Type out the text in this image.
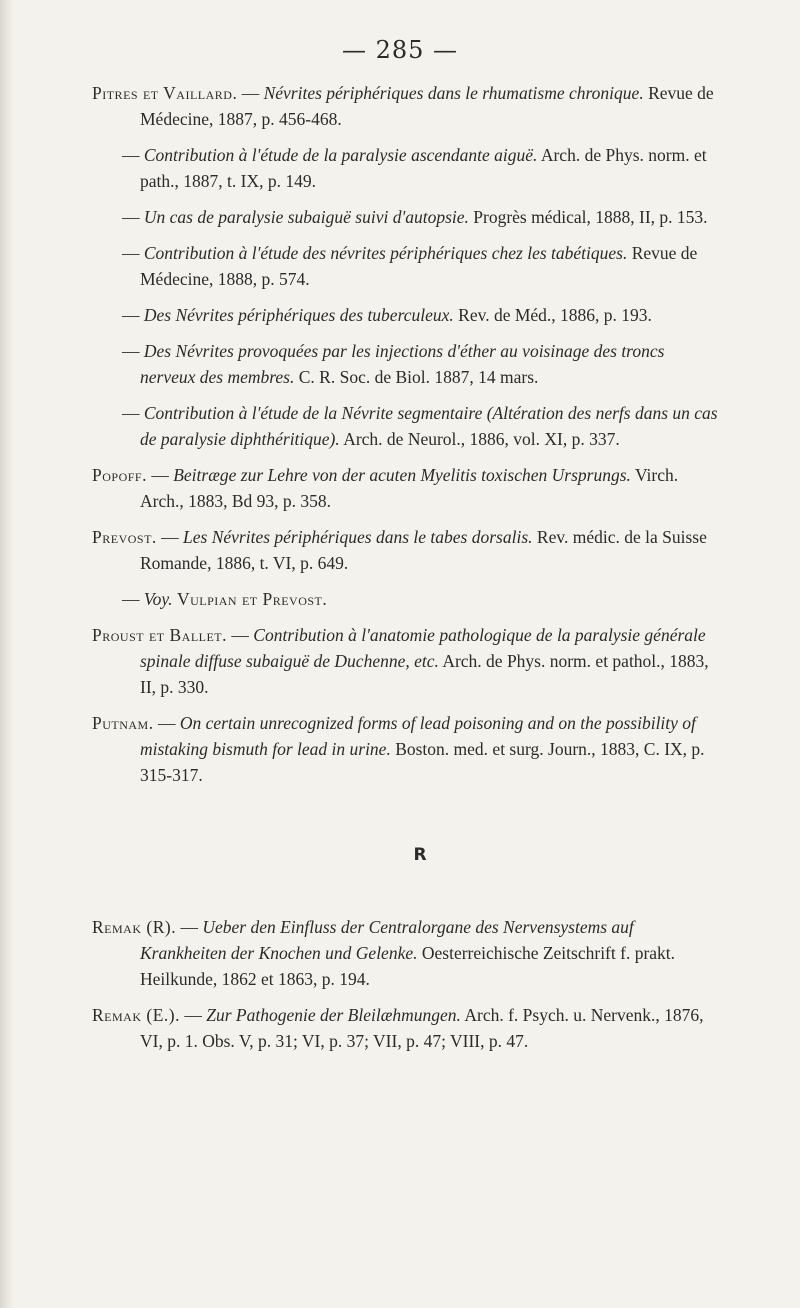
— 285 —
Pitres et Vaillard. — Névrites périphériques dans le rhumatisme chronique. Revue de Médecine, 1887, p. 456-468.
— Contribution à l'étude de la paralysie ascendante aiguë. Arch. de Phys. norm. et path., 1887, t. IX, p. 149.
— Un cas de paralysie subaiguë suivi d'autopsie. Progrès médical, 1888, II, p. 153.
— Contribution à l'étude des névrites périphériques chez les tabétiques. Revue de Médecine, 1888, p. 574.
— Des Névrites périphériques des tuberculeux. Rev. de Méd., 1886, p. 193.
— Des Névrites provoquées par les injections d'éther au voisinage des troncs nerveux des membres. C. R. Soc. de Biol. 1887, 14 mars.
— Contribution à l'étude de la Névrite segmentaire (Altération des nerfs dans un cas de paralysie diphthéritique). Arch. de Neurol., 1886, vol. XI, p. 337.
Popoff. — Beitræge zur Lehre von der acuten Myelitis toxischen Ursprungs. Virch. Arch., 1883, Bd 93, p. 358.
Prevost. — Les Névrites périphériques dans le tabes dorsalis. Rev. médic. de la Suisse Romande, 1886, t. VI, p. 649.
— Voy. Vulpian et Prevost.
Proust et Ballet. — Contribution à l'anatomie pathologique de la paralysie générale spinale diffuse subaiguë de Duchenne, etc. Arch. de Phys. norm. et pathol., 1883, II, p. 330.
Putnam. — On certain unrecognized forms of lead poisoning and on the possibility of mistaking bismuth for lead in urine. Boston. med. et surg. Journ., 1883, C. IX, p. 315-317.
R
Remak (R). — Ueber den Einfluss der Centralorgane des Nervensystems auf Krankheiten der Knochen und Gelenke. Oesterreichische Zeitschrift f. prakt. Heilkunde, 1862 et 1863, p. 194.
Remak (E.). — Zur Pathogenie der Bleilæhmungen. Arch. f. Psych. u. Nervenk., 1876, VI, p. 1. Obs. V, p. 31; VI, p. 37; VII, p. 47; VIII, p. 47.
